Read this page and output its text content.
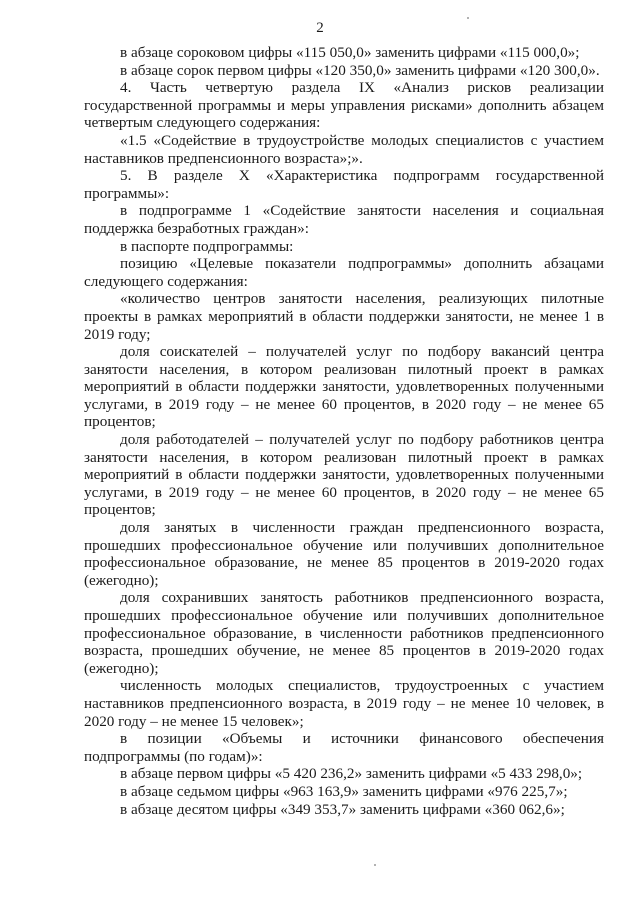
2

в абзаце сороковом цифры «115 050,0» заменить цифрами «115 000,0»;

в абзаце сорок первом цифры «120 350,0» заменить цифрами «120 300,0».

4. Часть четвертую раздела IX «Анализ рисков реализации государственной программы и меры управления рисками» дополнить абзацем четвертым следующего содержания:

«1.5 «Содействие в трудоустройстве молодых специалистов с участием наставников предпенсионного возраста»;».

5. В разделе X «Характеристика подпрограмм государственной программы»:

в подпрограмме 1 «Содействие занятости населения и социальная поддержка безработных граждан»:

в паспорте подпрограммы:

позицию «Целевые показатели подпрограммы» дополнить абзацами следующего содержания:

«количество центров занятости населения, реализующих пилотные проекты в рамках мероприятий в области поддержки занятости, не менее 1 в 2019 году;

доля соискателей – получателей услуг по подбору вакансий центра занятости населения, в котором реализован пилотный проект в рамках мероприятий в области поддержки занятости, удовлетворенных полученными услугами, в 2019 году – не менее 60 процентов, в 2020 году – не менее 65 процентов;

доля работодателей – получателей услуг по подбору работников центра занятости населения, в котором реализован пилотный проект в рамках мероприятий в области поддержки занятости, удовлетворенных полученными услугами, в 2019 году – не менее 60 процентов, в 2020 году – не менее 65 процентов;

доля занятых в численности граждан предпенсионного возраста, прошедших профессиональное обучение или получивших дополнительное профессиональное образование, не менее 85 процентов в 2019-2020 годах (ежегодно);

доля сохранивших занятость работников предпенсионного возраста, прошедших профессиональное обучение или получивших дополнительное профессиональное образование, в численности работников предпенсионного возраста, прошедших обучение, не менее 85 процентов в 2019-2020 годах (ежегодно);

численность молодых специалистов, трудоустроенных с участием наставников предпенсионного возраста, в 2019 году – не менее 10 человек, в 2020 году – не менее 15 человек»;

в позиции «Объемы и источники финансового обеспечения подпрограммы (по годам)»:

в абзаце первом цифры «5 420 236,2» заменить цифрами «5 433 298,0»;

в абзаце седьмом цифры «963 163,9» заменить цифрами «976 225,7»;

в абзаце десятом цифры «349 353,7» заменить цифрами «360 062,6»;
